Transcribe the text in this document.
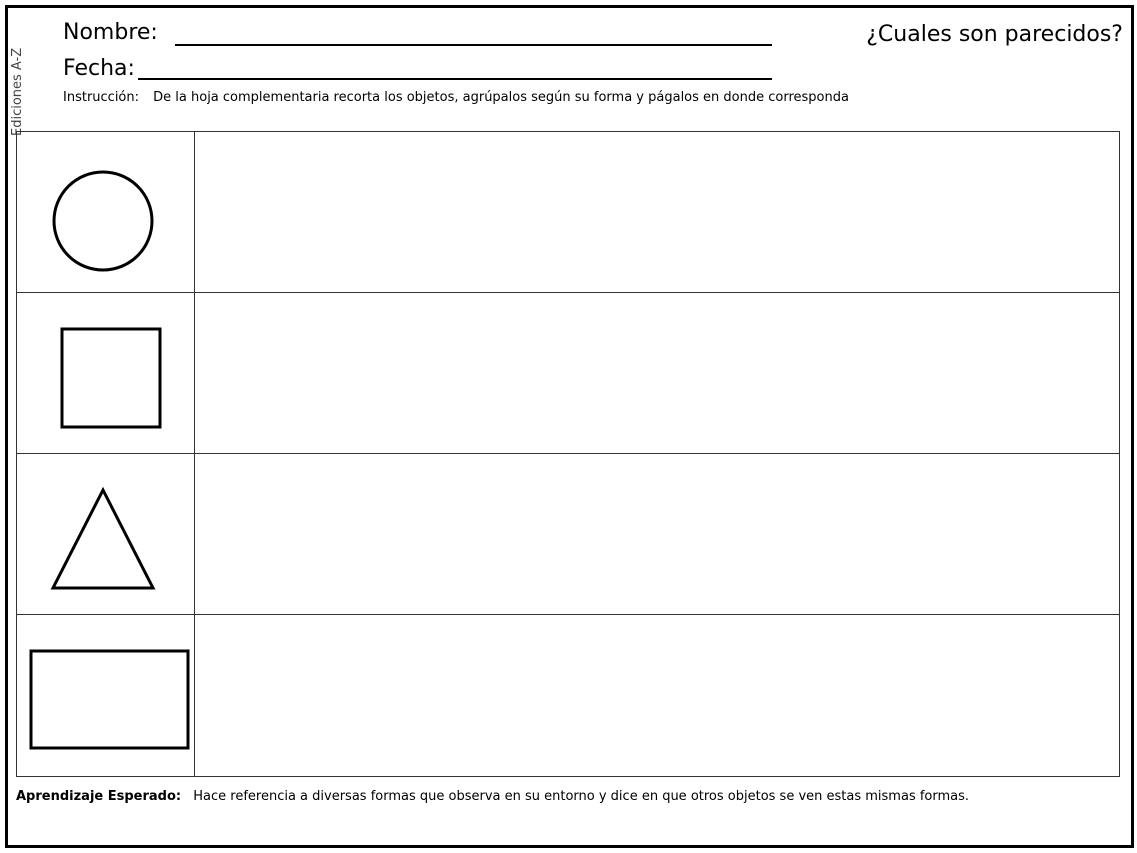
Ediciones A-Z
Nombre:
Fecha:
¿Cuales son parecidos?
Instrucción: De la hoja complementaria recorta los objetos, agrúpalos según su forma y págalos en donde corresponda
Aprendizaje Esperado: Hace referencia a diversas formas que observa en su entorno y dice en que otros objetos se ven estas mismas formas.
